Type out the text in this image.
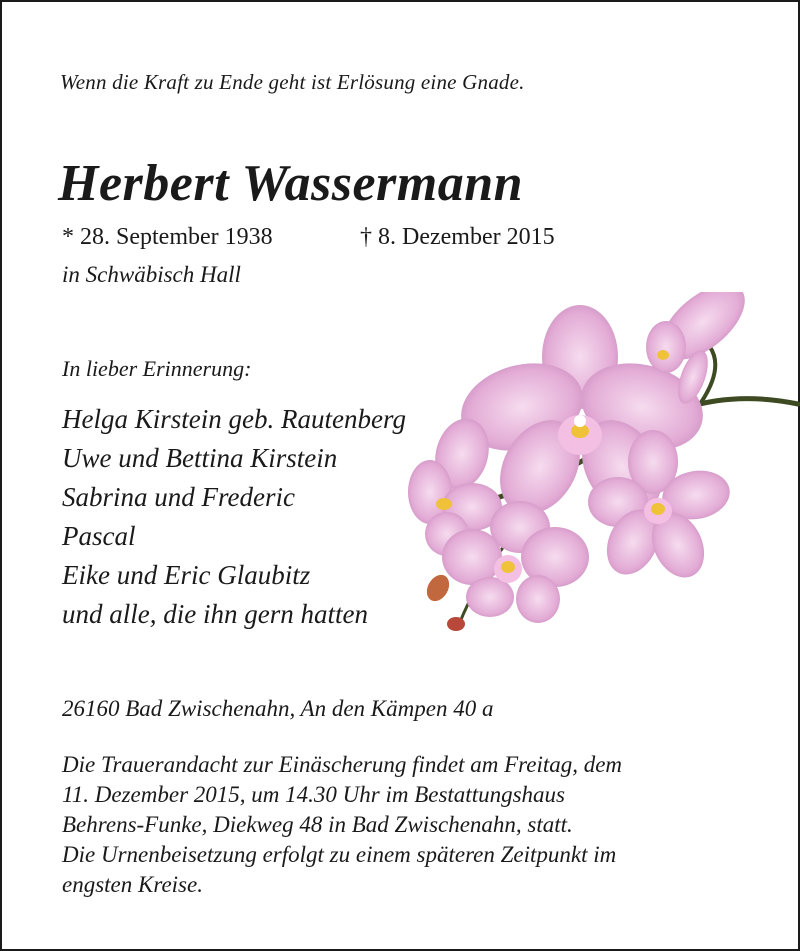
Wenn die Kraft zu Ende geht ist Erlösung eine Gnade.
Herbert Wassermann
* 28. September 1938	† 8. Dezember 2015
in Schwäbisch Hall
In lieber Erinnerung:
Helga Kirstein geb. Rautenberg
Uwe und Bettina Kirstein
Sabrina und Frederic
Pascal
Eike und Eric Glaubitz
und alle, die ihn gern hatten
26160 Bad Zwischenahn, An den Kämpen 40 a
Die Trauerandacht zur Einäscherung findet am Freitag, dem
11. Dezember 2015, um 14.30 Uhr im Bestattungshaus
Behrens-Funke, Diekweg 48 in Bad Zwischenahn, statt.
Die Urnenbeisetzung erfolgt zu einem späteren Zeitpunkt im
engsten Kreise.
